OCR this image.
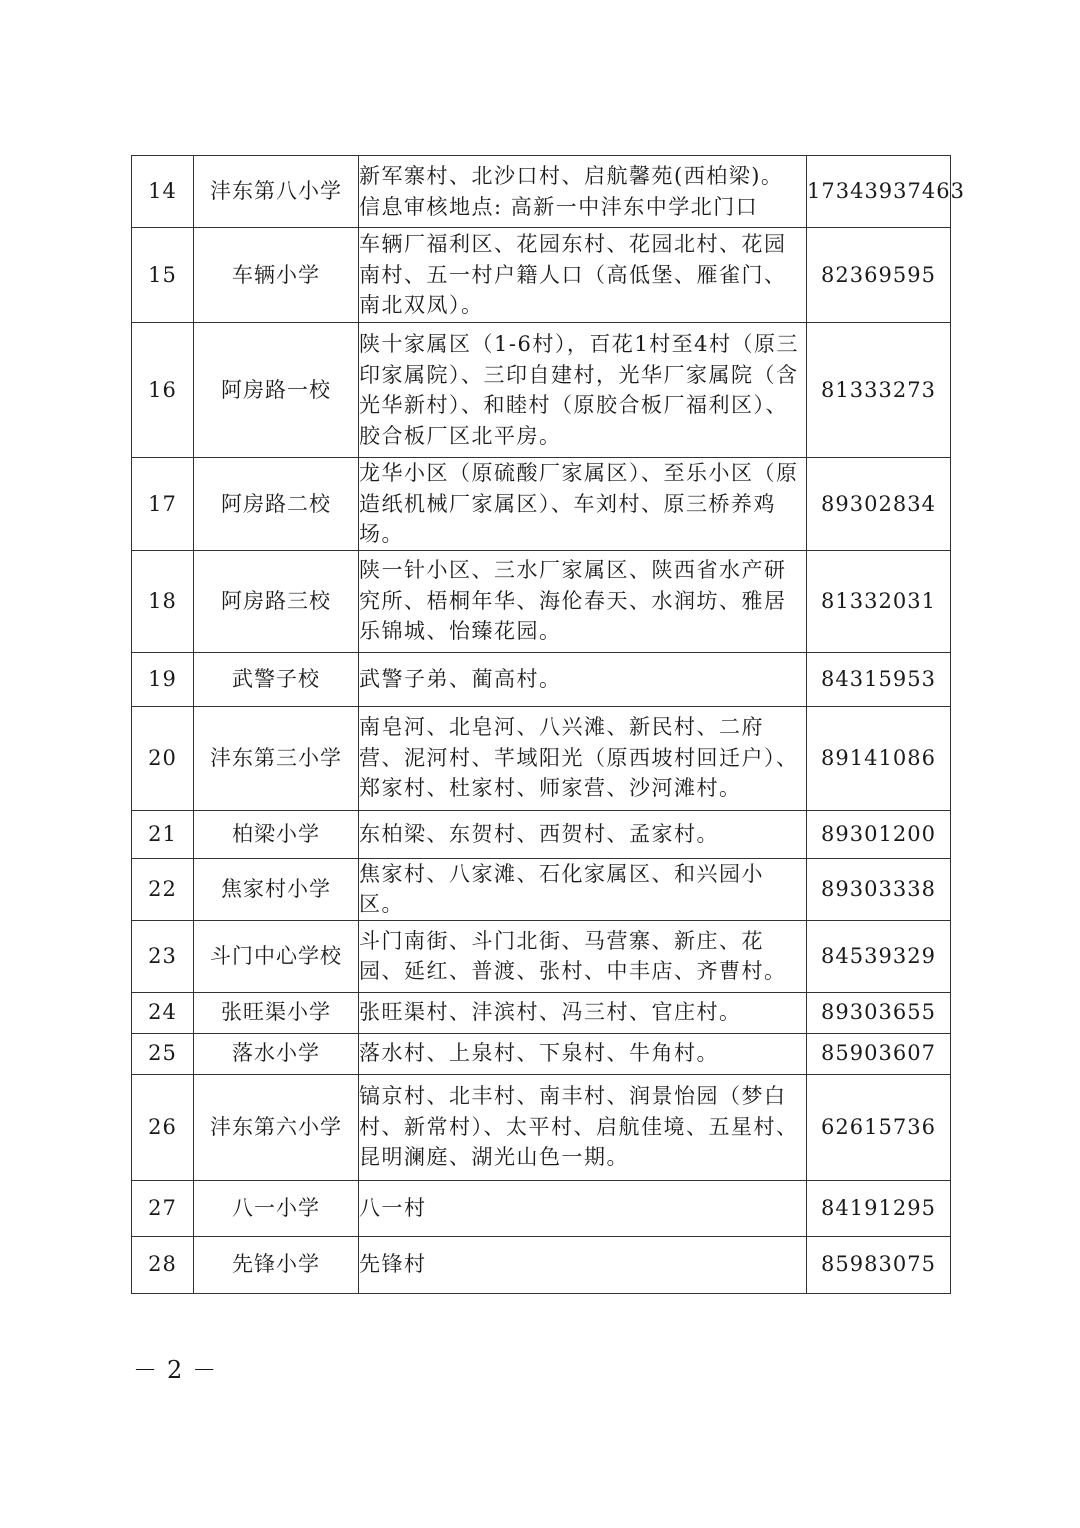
14	沣东第八小学	新军寨村、北沙口村、启航馨苑(西柏梁)。 信息审核地点: 高新一中沣东中学北门口	17343937463
15	车辆小学	车辆厂福利区、花园东村、花园北村、花园南村、五一村户籍人口（高低堡、雁雀门、南北双凤）。	82369595
16	阿房路一校	陕十家属区（1-6村），百花1村至4村（原三印家属院）、三印自建村，光华厂家属院（含光华新村）、和睦村（原胶合板厂福利区）、胶合板厂区北平房。	81333273
17	阿房路二校	龙华小区（原硫酸厂家属区）、至乐小区（原造纸机械厂家属区）、车刘村、原三桥养鸡场。	89302834
18	阿房路三校	陕一针小区、三水厂家属区、陕西省水产研究所、梧桐年华、海伦春天、水润坊、雅居乐锦城、怡臻花园。	81332031
19	武警子校	武警子弟、蔺高村。	84315953
20	沣东第三小学	南皂河、北皂河、八兴滩、新民村、二府营、泥河村、芊域阳光（原西坡村回迁户）、郑家村、杜家村、师家营、沙河滩村。	89141086
21	柏梁小学	东柏梁、东贺村、西贺村、孟家村。	89301200
22	焦家村小学	焦家村、八家滩、石化家属区、和兴园小区。	89303338
23	斗门中心学校	斗门南街、斗门北街、马营寨、新庄、花园、延红、普渡、张村、中丰店、齐曹村。	84539329
24	张旺渠小学	张旺渠村、沣滨村、冯三村、官庄村。	89303655
25	落水小学	落水村、上泉村、下泉村、牛角村。	85903607
26	沣东第六小学	镐京村、北丰村、南丰村、润景怡园（梦白村、新常村）、太平村、启航佳境、五星村、昆明澜庭、湖光山色一期。	62615736
27	八一小学	八一村	84191295
28	先锋小学	先锋村	85983075
－2－
